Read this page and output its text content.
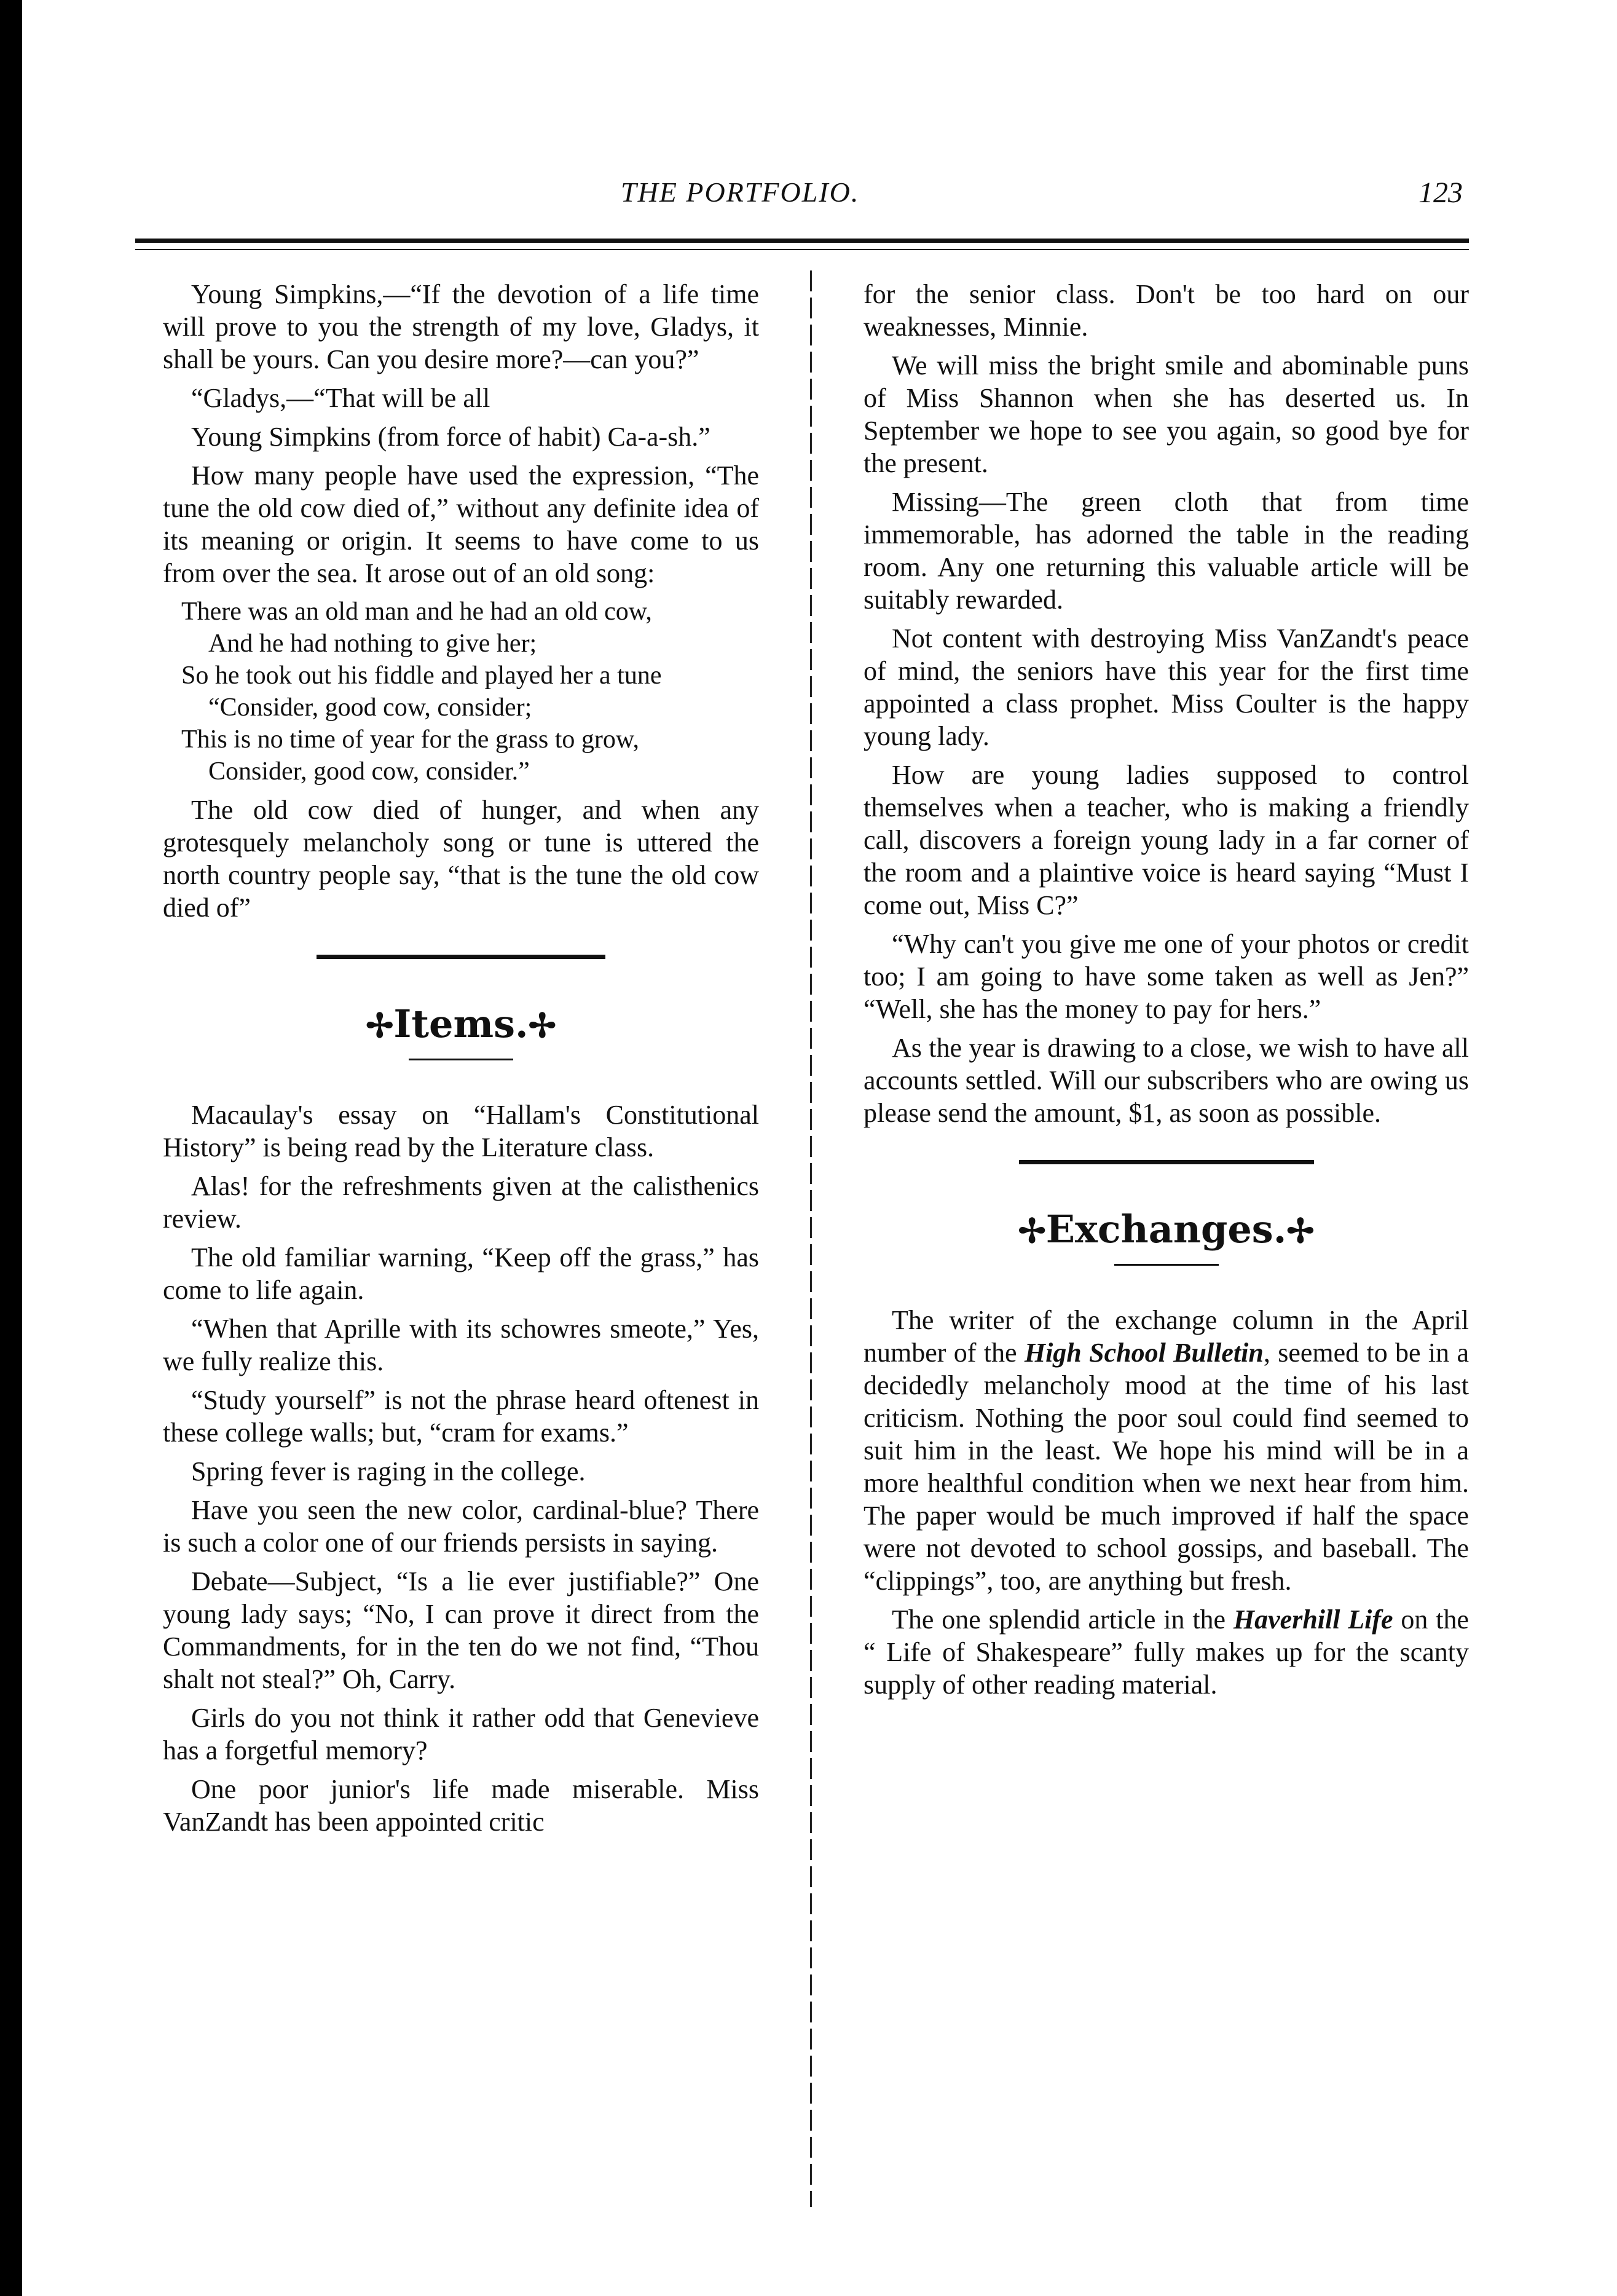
THE PORTFOLIO.	123

Young Simpkins,—“If the devotion of a life time will prove to you the strength of my love, Gladys, it shall be yours. Can you desire more?—can you?”

“Gladys,—“That will be all

Young Simpkins (from force of habit) Ca-a-sh.”

How many people have used the expression, “The tune the old cow died of,” without any definite idea of its meaning or origin. It seems to have come to us from over the sea. It arose out of an old song:

There was an old man and he had an old cow,

And he had nothing to give her;

So he took out his fiddle and played her a tune

“Consider, good cow, consider;

This is no time of year for the grass to grow,

Consider, good cow, consider.”

The old cow died of hunger, and when any grotesquely melancholy song or tune is uttered the north country people say, “that is the tune the old cow died of”

✢Items.✢

Macaulay's essay on “Hallam's Constitutional History” is being read by the Literature class.

Alas! for the refreshments given at the calisthenics review.

The old familiar warning, “Keep off the grass,” has come to life again.

“When that Aprille with its schowres smeote,” Yes, we fully realize this.

“Study yourself” is not the phrase heard oftenest in these college walls; but, “cram for exams.”

Spring fever is raging in the college.

Have you seen the new color, cardinal-blue? There is such a color one of our friends persists in saying.

Debate—Subject, “Is a lie ever justifiable?” One young lady says; “No, I can prove it direct from the Commandments, for in the ten do we not find, “Thou shalt not steal?” Oh, Carry.

Girls do you not think it rather odd that Genevieve has a forgetful memory?

One poor junior's life made miserable. Miss VanZandt has been appointed critic

for the senior class. Don't be too hard on our weaknesses, Minnie.

We will miss the bright smile and abominable puns of Miss Shannon when she has deserted us. In September we hope to see you again, so good bye for the present.

Missing—The green cloth that from time immemorable, has adorned the table in the reading room. Any one returning this valuable article will be suitably rewarded.

Not content with destroying Miss VanZandt's peace of mind, the seniors have this year for the first time appointed a class prophet. Miss Coulter is the happy young lady.

How are young ladies supposed to control themselves when a teacher, who is making a friendly call, discovers a foreign young lady in a far corner of the room and a plaintive voice is heard saying “Must I come out, Miss C?”

“Why can't you give me one of your photos or credit too; I am going to have some taken as well as Jen?” “Well, she has the money to pay for hers.”

As the year is drawing to a close, we wish to have all accounts settled. Will our subscribers who are owing us please send the amount, $1, as soon as possible.

✢Exchanges.✢

The writer of the exchange column in the April number of the High School Bulletin, seemed to be in a decidedly melancholy mood at the time of his last criticism. Nothing the poor soul could find seemed to suit him in the least. We hope his mind will be in a more healthful condition when we next hear from him. The paper would be much improved if half the space were not devoted to school gossips, and baseball. The “clippings”, too, are anything but fresh.

The one splendid article in the Haverhill Life on the “ Life of Shakespeare” fully makes up for the scanty supply of other reading material.
